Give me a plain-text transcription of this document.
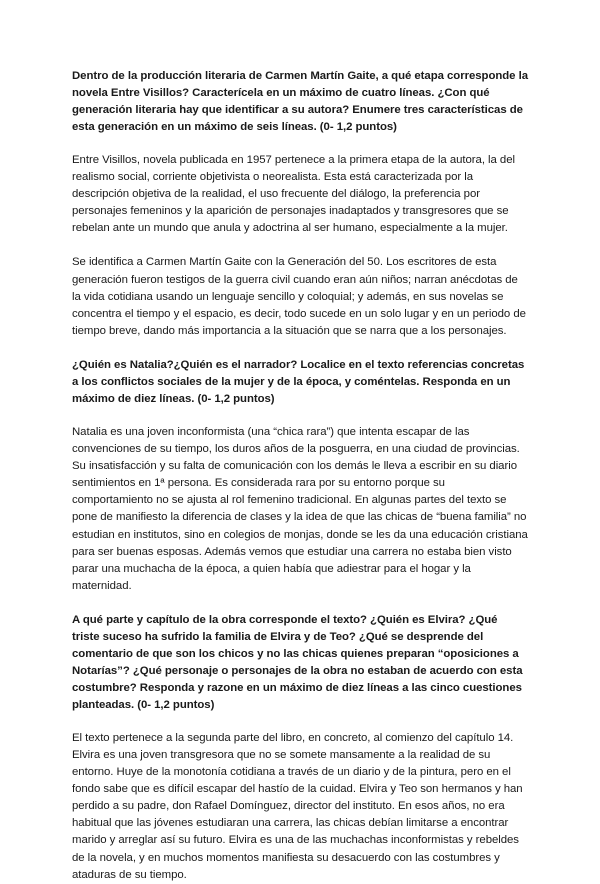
Dentro de la producción literaria de Carmen Martín Gaite, a qué etapa corresponde la novela Entre Visillos? Caracterícela en un máximo de cuatro líneas. ¿Con qué generación literaria hay que identificar a su autora? Enumere tres características de esta generación en un máximo de seis líneas. (0- 1,2 puntos)

Entre Visillos, novela publicada en 1957 pertenece a la primera etapa de la autora, la del realismo social, corriente objetivista o neorealista. Esta está caracterizada por la descripción objetiva de la realidad, el uso frecuente del diálogo, la preferencia por personajes femeninos y la aparición de personajes inadaptados y transgresores que se rebelan ante un mundo que anula y adoctrina al ser humano, especialmente a la mujer.

Se identifica a Carmen Martín Gaite con la Generación del 50. Los escritores de esta generación fueron testigos de la guerra civil cuando eran aún niños; narran anécdotas de la vida cotidiana usando un lenguaje sencillo y coloquial; y además, en sus novelas se concentra el tiempo y el espacio, es decir, todo sucede en un solo lugar y en un periodo de tiempo breve, dando más importancia a la situación que se narra que a los personajes.

¿Quién es Natalia?¿Quién es el narrador? Localice en el texto referencias concretas a los conflictos sociales de la mujer y de la época, y coméntelas. Responda en un máximo de diez líneas. (0- 1,2 puntos)

Natalia es una joven inconformista (una “chica rara”) que intenta escapar de las convenciones de su tiempo, los duros años de la posguerra, en una ciudad de provincias. Su insatisfacción y su falta de comunicación con los demás le lleva a escribir en su diario sentimientos en 1ª persona. Es considerada rara por su entorno porque su comportamiento no se ajusta al rol femenino tradicional. En algunas partes del texto se pone de manifiesto la diferencia de clases y la idea de que las chicas de “buena familia” no estudian en institutos, sino en colegios de monjas, donde se les da una educación cristiana para ser buenas esposas. Además vemos que estudiar una carrera no estaba bien visto parar una muchacha de la época, a quien había que adiestrar para el hogar y la maternidad.

A qué parte y capítulo de la obra corresponde el texto? ¿Quién es Elvira? ¿Qué triste suceso ha sufrido la familia de Elvira y de Teo? ¿Qué se desprende del comentario de que son los chicos y no las chicas quienes preparan “oposiciones a Notarías”? ¿Qué personaje o personajes de la obra no estaban de acuerdo con esta costumbre? Responda y razone en un máximo de diez líneas a las cinco cuestiones planteadas. (0- 1,2 puntos)

El texto pertenece a la segunda parte del libro, en concreto, al comienzo del capítulo 14. Elvira es una joven transgresora que no se somete mansamente a la realidad de su entorno. Huye de la monotonía cotidiana a través de un diario y de la pintura, pero en el fondo sabe que es difícil escapar del hastío de la cuidad. Elvira y Teo son hermanos y han perdido a su padre, don Rafael Domínguez, director del instituto. En esos años, no era habitual que las jóvenes estudiaran una carrera, las chicas debían limitarse a encontrar marido y arreglar así su futuro. Elvira es una de las muchachas inconformistas y rebeldes de la novela, y en muchos momentos manifiesta su desacuerdo con las costumbres y ataduras de su tiempo.
